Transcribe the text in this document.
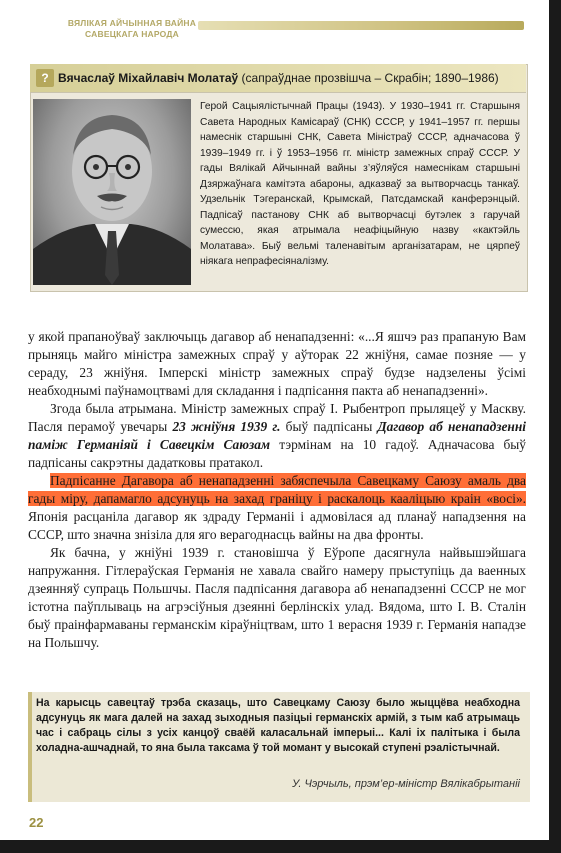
ВЯЛІКАЯ АЙЧЫННАЯ ВАЙНА
САВЕЦКАГА НАРОДА
? Вячаслаў Міхайлавіч Молатаў (сапраўднае прозвішча – Скрабін; 1890–1986)
Герой Сацыялістычнай Працы (1943). У 1930–1941 гг. Старшыня Савета Народных Камісараў (СНК) СССР, у 1941–1957 гг. першы намеснік старшыні СНК, Савета Міністраў СССР, адначасова ў 1939–1949 гг. і ў 1953–1956 гг. міністр замежных спраў СССР. У гады Вялікай Айчыннай вайны з’яўляўся намеснікам старшыні Дзяржаўнага камітэта абароны, адказваў за вытворчасць танкаў. Удзельнік Тэгеранскай, Крымскай, Патсдамскай канферэнцый. Падпісаў пастанову СНК аб вытворчасці бутэлек з гаручай сумессю, якая атрымала неафіцыйную назву «кактэйль Молатава». Быў вельмі таленавітым арганізатарам, не цярпеў ніякага непрафесіяналізму.

у якой прапаноўваў заключыць дагавор аб ненападзенні: «...Я яшчэ раз прапаную Вам прыняць майго міністра замежных спраў у аўторак 22 жніўня, самае позняе — у сераду, 23 жніўня. Імперскі міністр замежных спраў будзе надзелены ўсімі неабходнымі паўнамоцтвамі для складання і падпісання пакта аб ненападзенні».

Згода была атрымана. Міністр замежных спраў І. Рыбентроп прыляцеў у Маскву. Пасля перамоў увечары 23 жніўня 1939 г. быў падпісаны Дагавор аб ненападзенні паміж Германіяй і Савецкім Саюзам тэрмінам на 10 гадоў. Адначасова быў падпісаны сакрэтны дадатковы пратакол.

Падпісанне Дагавора аб ненападзенні забяспечыла Савецкаму Саюзу амаль два гады міру, дапамагло адсунуць на захад граніцу і раскалоць кааліцыю краін «восі». Японія расцаніла дагавор як здраду Германіі і адмовілася ад планаў нападзення на СССР, што значна знізіла для яго верагоднасць вайны на два фронты.

Як бачна, у жніўні 1939 г. становішча ў Еўропе дасягнула найвышэйшага напружання. Гітлераўская Германія не хавала свайго намеру прыступіць да ваенных дзеянняў супраць Польшчы. Пасля падпісання дагавора аб ненападзенні СССР не мог істотна паўплываць на агрэсіўныя дзеянні берлінскіх улад. Вядома, што І. В. Сталін быў праінфармаваны германскім кіраўніцтвам, што 1 верасня 1939 г. Германія нападзе на Польшчу.

На карысць савецтаў трэба сказаць, што Савецкаму Саюзу было жыццёва неабходна адсунуць як мага далей на захад зыходныя пазіцыі германскіх армій, з тым каб атрымаць час і сабраць сілы з усіх канцоў сваёй каласальнай імперыі... Калі іх палітыка і была холадна-ашчаднай, то яна была таксама ў той момант у высокай ступені рэалістычнай.
У. Чэрчыль, прэм’ер-міністр Вялікабрытаніі
22
